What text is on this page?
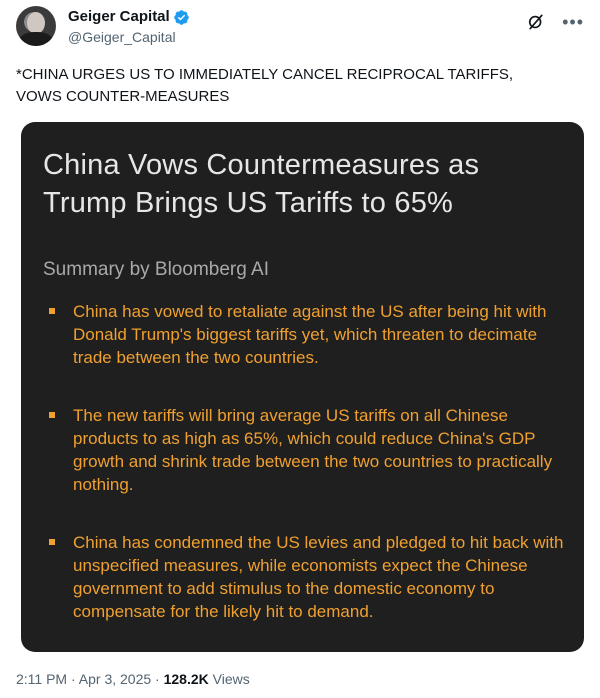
Geiger Capital
@Geiger_Capital
•••
*CHINA URGES US TO IMMEDIATELY CANCEL RECIPROCAL TARIFFS,
VOWS COUNTER-MEASURES
China Vows Countermeasures as Trump Brings US Tariffs to 65%
Summary by Bloomberg AI
China has vowed to retaliate against the US after being hit with Donald Trump's biggest tariffs yet, which threaten to decimate trade between the two countries.
The new tariffs will bring average US tariffs on all Chinese products to as high as 65%, which could reduce China's GDP growth and shrink trade between the two countries to practically nothing.
China has condemned the US levies and pledged to hit back with unspecified measures, while economists expect the Chinese government to add stimulus to the domestic economy to compensate for the likely hit to demand.
2:11 PM · Apr 3, 2025 · 128.2K Views
